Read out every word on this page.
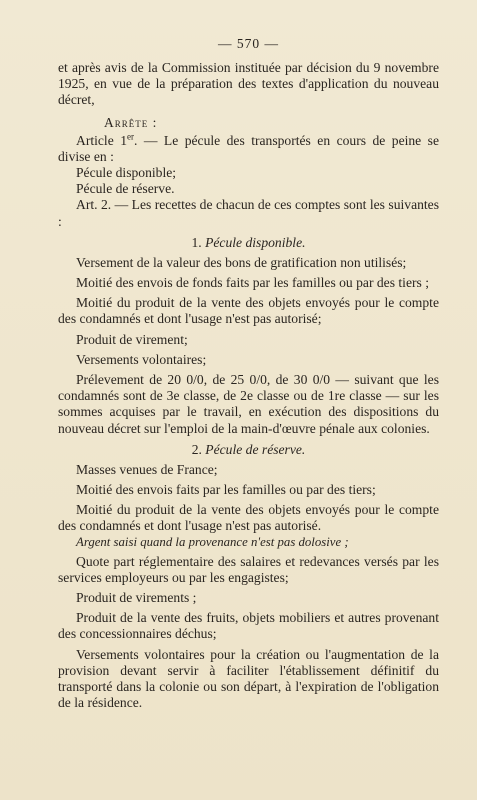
— 570 —

et après avis de la Commission instituée par décision du 9 novembre 1925, en vue de la préparation des textes d'application du nouveau décret,

Arrête :

Article 1er. — Le pécule des transportés en cours de peine se divise en :

Pécule disponible;

Pécule de réserve.

Art. 2. — Les recettes de chacun de ces comptes sont les suivantes :

1. Pécule disponible.

Versement de la valeur des bons de gratification non utilisés;

Moitié des envois de fonds faits par les familles ou par des tiers ;

Moitié du produit de la vente des objets envoyés pour le compte des condamnés et dont l'usage n'est pas autorisé;

Produit de virement;

Versements volontaires;

Prélevement de 20 0/0, de 25 0/0, de 30 0/0 — suivant que les condamnés sont de 3e classe, de 2e classe ou de 1re classe — sur les sommes acquises par le travail, en exécution des dispositions du nouveau décret sur l'emploi de la main-d'œuvre pénale aux colonies.

2. Pécule de réserve.

Masses venues de France;

Moitié des envois faits par les familles ou par des tiers;

Moitié du produit de la vente des objets envoyés pour le compte des condamnés et dont l'usage n'est pas autorisé.

Argent saisi quand la provenance n'est pas dolosive ;

Quote part réglementaire des salaires et redevances versés par les services employeurs ou par les engagistes;

Produit de virements ;

Produit de la vente des fruits, objets mobiliers et autres provenant des concessionnaires déchus;

Versements volontaires pour la création ou l'augmentation de la provision devant servir à faciliter l'établissement définitif du transporté dans la colonie ou son départ, à l'expiration de l'obligation de la résidence.
